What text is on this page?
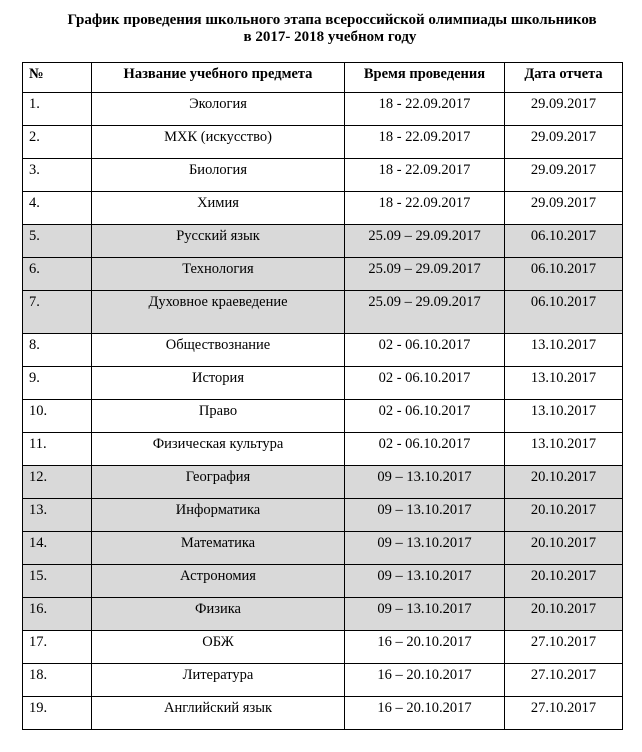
График проведения школьного этапа всероссийской олимпиады школьников
в 2017- 2018 учебном году
№	Название учебного предмета	Время проведения	Дата отчета
1.	Экология	18 - 22.09.2017	29.09.2017
2.	МХК (искусство)	18 - 22.09.2017	29.09.2017
3.	Биология	18 - 22.09.2017	29.09.2017
4.	Химия	18 - 22.09.2017	29.09.2017
5.	Русский язык	25.09 – 29.09.2017	06.10.2017
6.	Технология	25.09 – 29.09.2017	06.10.2017
7.	Духовное краеведение	25.09 – 29.09.2017	06.10.2017
8.	Обществознание	02 - 06.10.2017	13.10.2017
9.	История	02 - 06.10.2017	13.10.2017
10.	Право	02 - 06.10.2017	13.10.2017
11.	Физическая культура	02 - 06.10.2017	13.10.2017
12.	География	09 – 13.10.2017	20.10.2017
13.	Информатика	09 – 13.10.2017	20.10.2017
14.	Математика	09 – 13.10.2017	20.10.2017
15.	Астрономия	09 – 13.10.2017	20.10.2017
16.	Физика	09 – 13.10.2017	20.10.2017
17.	ОБЖ	16 – 20.10.2017	27.10.2017
18.	Литература	16 – 20.10.2017	27.10.2017
19.	Английский язык	16 – 20.10.2017	27.10.2017
